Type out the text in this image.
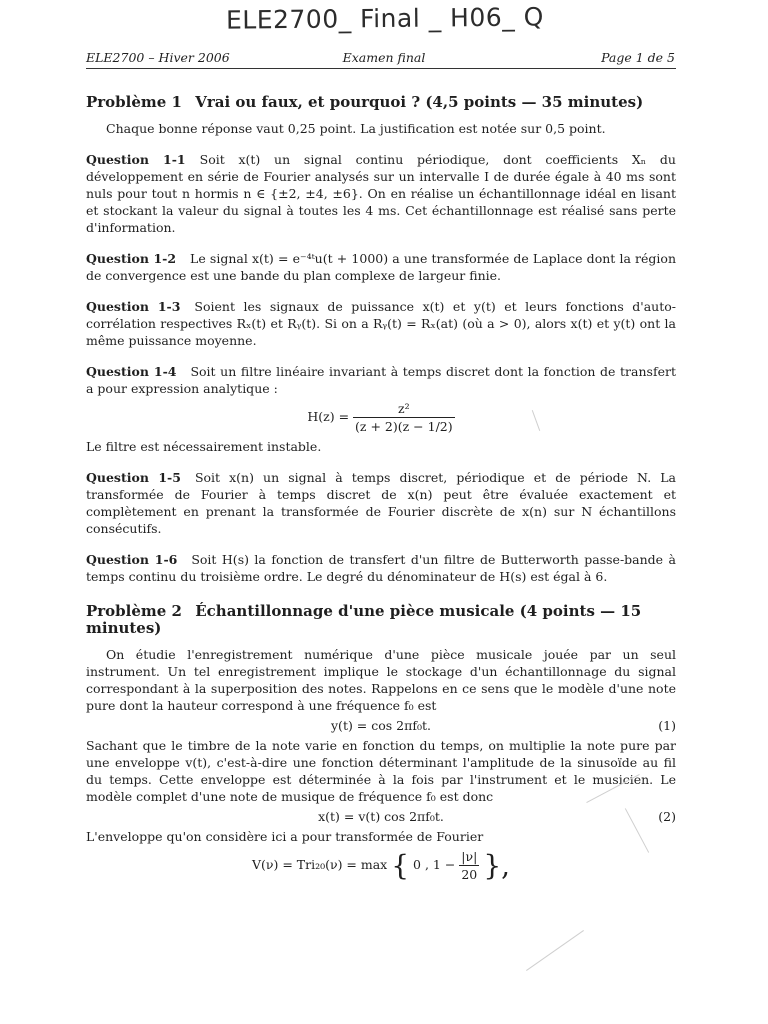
ELE2700_ Final _ H06_ Q
ELE2700 – Hiver 2006	Examen final	Page 1 de 5
Problème 1 Vrai ou faux, et pourquoi ? (4,5 points — 35 minutes)

Chaque bonne réponse vaut 0,25 point. La justification est notée sur 0,5 point.

Question 1-1 Soit x(t) un signal continu périodique, dont coefficients Xₙ du développement en série de Fourier analysés sur un intervalle I de durée égale à 40 ms sont nuls pour tout n hormis n ∈ {±2, ±4, ±6}. On en réalise un échantillonnage idéal en lisant et stockant la valeur du signal à toutes les 4 ms. Cet échantillonnage est réalisé sans perte d'information.

Question 1-2 Le signal x(t) = e⁻⁴ᵗu(t + 1000) a une transformée de Laplace dont la région de convergence est une bande du plan complexe de largeur finie.

Question 1-3 Soient les signaux de puissance x(t) et y(t) et leurs fonctions d'auto-corrélation respectives Rₓ(t) et Rᵧ(t). Si on a Rᵧ(t) = Rₓ(at) (où a > 0), alors x(t) et y(t) ont la même puissance moyenne.

Question 1-4 Soit un filtre linéaire invariant à temps discret dont la fonction de transfert a pour expression analytique :

$H(z) = \frac{\text{z²}}{(z + 2)(z - 1/2)}$

Le filtre est nécessairement instable.

Question 1-5 Soit x(n) un signal à temps discret, périodique et de période N. La transformée de Fourier à temps discret de x(n) peut être évaluée exactement et complètement en prenant la transformée de Fourier discrète de x(n) sur N échantillons consécutifs.

Question 1-6 Soit H(s) la fonction de transfert d'un filtre de Butterworth passe-bande à temps continu du troisième ordre. Le degré du dénominateur de H(s) est égal à 6.

Problème 2 Échantillonnage d'une pièce musicale (4 points — 15 minutes)

On étudie l'enregistrement numérique d'une pièce musicale jouée par un seul instrument. Un tel enregistrement implique le stockage d'un échantillonnage du signal correspondant à la superposition des notes. Rappelons en ce sens que le modèle d'une note pure dont la hauteur correspond à une fréquence f₀ est

y(t) = cos 2πf₀t.	(1)

Sachant que le timbre de la note varie en fonction du temps, on multiplie la note pure par une enveloppe v(t), c'est-à-dire une fonction déterminant l'amplitude de la sinusoïde au fil du temps. Cette enveloppe est déterminée à la fois par l'instrument et le musicien. Le modèle complet d'une note de musique de fréquence f₀ est donc

x(t) = v(t) cos 2πf₀t.	(2)

L'enveloppe qu'on considère ici a pour transformée de Fourier

V(ν) = Tri₂₀(ν) = max { 0 , $1 - \frac{|\nu|}{20}$ },
